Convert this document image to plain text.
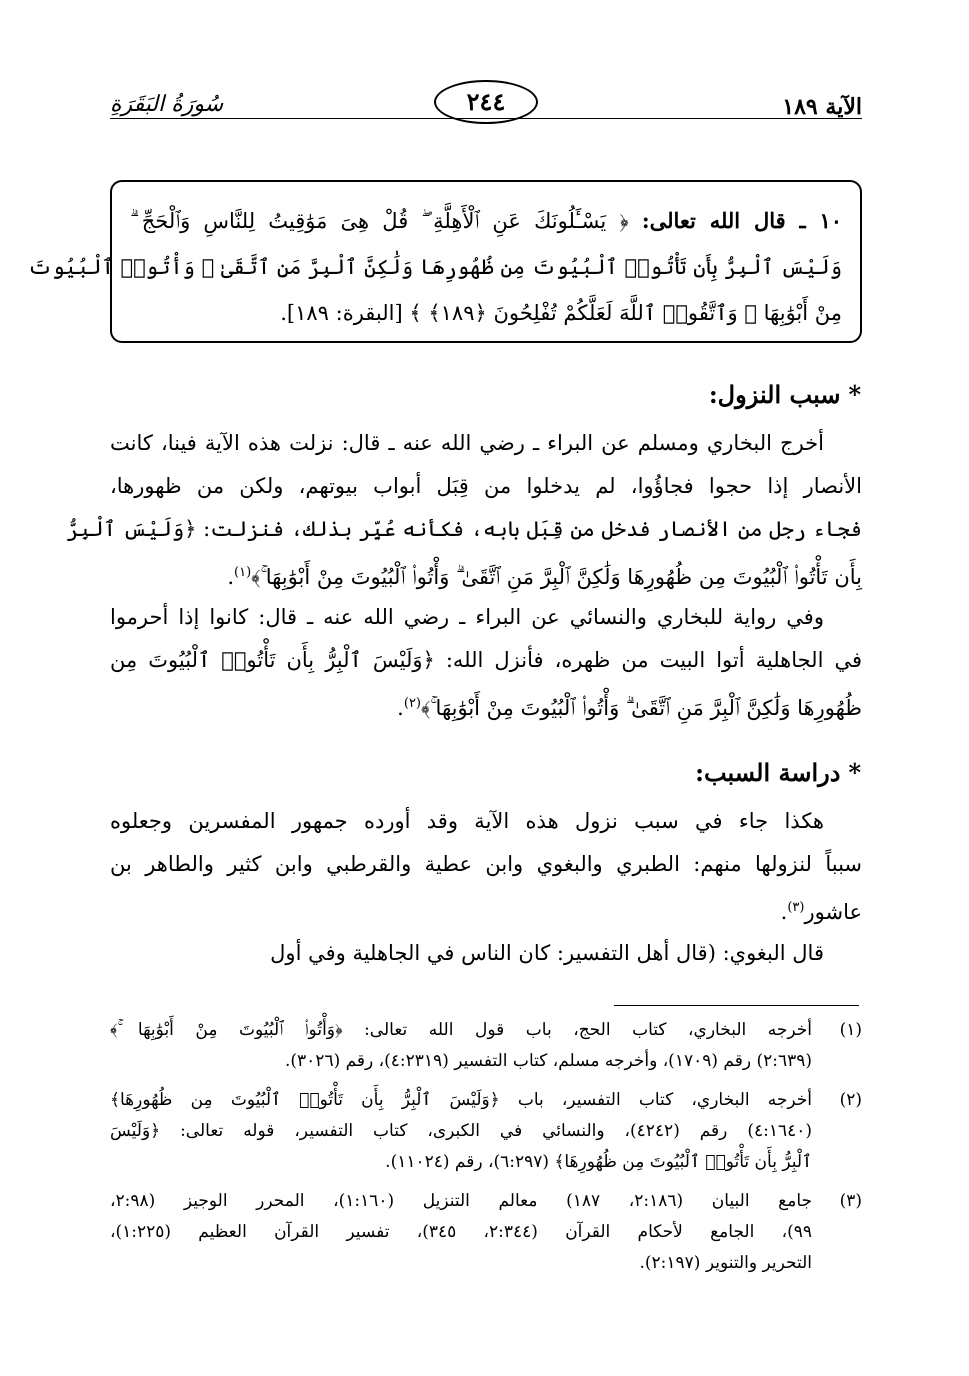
الآية ١٨٩
٢٤٤
سُورَةُ البَقَرَةِ
١٠ ـ قال الله تعالى: ﴿ يَسْـَٔلُونَكَ عَنِ ٱلْأَهِلَّةِ ۖ قُلْ هِىَ مَوَٰقِيتُ لِلنَّاسِ وَٱلْحَجِّ ۗ
وَلَيْسَ ٱلْبِرُّ بِأَن تَأْتُوا۟ ٱلْبُيُوتَ مِن ظُهُورِهَا وَلَٰكِنَّ ٱلْبِرَّ مَنِ ٱتَّقَىٰ ۗ وَأْتُوا۟ ٱلْبُيُوتَ
مِنْ أَبْوَٰبِهَا ۚ وَٱتَّقُوا۟ ٱللَّهَ لَعَلَّكُمْ تُفْلِحُونَ ﴿١٨٩﴾ ﴾ [البقرة: ١٨٩].
*سبب النزول:
أخرج البخاري ومسلم عن البراء ـ رضي الله عنه ـ قال: نزلت هذه الآية فينا، كانت
الأنصار إذا حجوا فجاؤُوا، لم يدخلوا من قِبَل أبواب بيوتهم، ولكن من ظهورها،
فجاء رجل من الأنصار فدخل من قِبَل بابه، فكأنه عُيِّر بذلك، فنزلت: ﴿وَلَيْسَ ٱلْبِرُّ
بِأَن تَأْتُوا۟ ٱلْبُيُوتَ مِن ظُهُورِهَا وَلَٰكِنَّ ٱلْبِرَّ مَنِ ٱتَّقَىٰ ۗ وَأْتُوا۟ ٱلْبُيُوتَ مِنْ أَبْوَٰبِهَا ۚ﴾$^{(١)}$.
وفي رواية للبخاري والنسائي عن البراء ـ رضي الله عنه ـ قال: كانوا إذا أحرموا
في الجاهلية أتوا البيت من ظهره، فأنزل الله: ﴿وَلَيْسَ ٱلْبِرُّ بِأَن تَأْتُوا۟ ٱلْبُيُوتَ مِن
ظُهُورِهَا وَلَٰكِنَّ ٱلْبِرَّ مَنِ ٱتَّقَىٰ ۗ وَأْتُوا۟ ٱلْبُيُوتَ مِنْ أَبْوَٰبِهَا ۚ﴾$^{(٢)}$.
*دراسة السبب:
هكذا جاء في سبب نزول هذه الآية وقد أورده جمهور المفسرين وجعلوه
سبباً لنزولها منهم: الطبري والبغوي وابن عطية والقرطبي وابن كثير والطاهر بن
عاشور$^{(٣)}$.
قال البغوي: (قال أهل التفسير: كان الناس في الجاهلية وفي أول
(١)
أخرجه البخاري، كتاب الحج، باب قول الله تعالى: ﴿وَأْتُوا۟ ٱلْبُيُوتَ مِنْ أَبْوَٰبِهَا ۚ﴾
(٢:٦٣٩) رقم (١٧٠٩)، وأخرجه مسلم، كتاب التفسير (٤:٢٣١٩)، رقم (٣٠٢٦).
(٢)
أخرجه البخاري، كتاب التفسير، باب ﴿وَلَيْسَ ٱلْبِرُّ بِأَن تَأْتُوا۟ ٱلْبُيُوتَ مِن ظُهُورِهَا﴾
(٤:١٦٤٠) رقم (٤٢٤٢)، والنسائي في الكبرى، كتاب التفسير، قوله تعالى: ﴿وَلَيْسَ
ٱلْبِرُّ بِأَن تَأْتُوا۟ ٱلْبُيُوتَ مِن ظُهُورِهَا﴾ (٦:٢٩٧)، رقم (١١٠٢٤).
(٣)
جامع البيان (٢:١٨٦، ١٨٧) معالم التنزيل (١:١٦٠)، المحرر الوجيز (٢:٩٨،
٩٩)، الجامع لأحكام القرآن (٢:٣٤٤، ٣٤٥)، تفسير القرآن العظيم (١:٢٢٥)،
التحرير والتنوير (٢:١٩٧).
